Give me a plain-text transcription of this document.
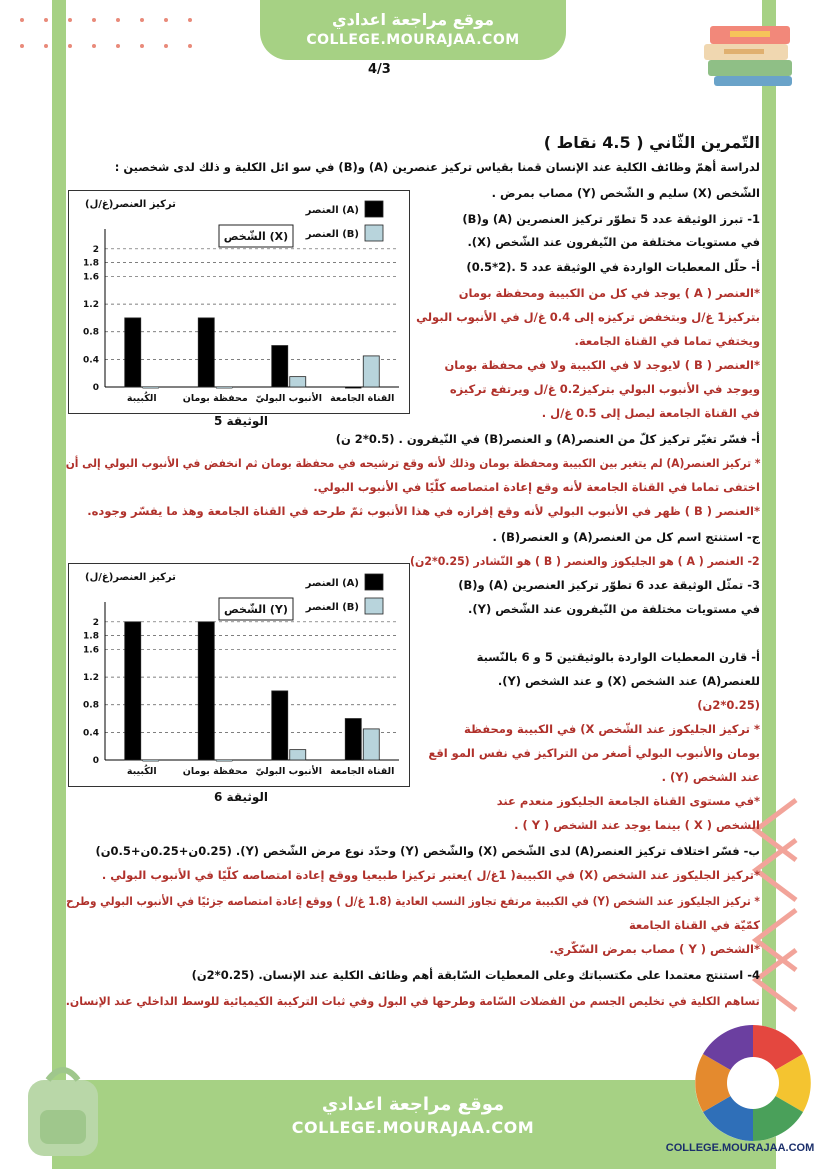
موقع مراجعة اعدادي
COLLEGE.MOURAJAA.COM
4/3
التّمرين الثّاني ( 4.5 نقاط )
لدراسة أهمّ وظائف الكلية عند الإنسان قمنا بقياس تركيز عنصرين (A) و(B) في سو ائل الكلية و ذلك لدى شخصين :
الشّخص (X) سليم و الشّخص (Y) مصاب بمرض .
1- تبرز الوثيقة عدد 5 تطوّر تركيز العنصرين (A) و(B)
في مستويات مختلفة من النّيفرون عند الشّخص (X).
أ- حلّل المعطيات الواردة في الوثيقة عدد 5 .(2*0.5)
*العنصر ( A ) يوجد في كل من الكبيبة ومحفظة بومان
بتركيز1 غ/ل وبتخفض تركيزه إلى 0.4 غ/ل في الأنبوب البولي
ويختفي تماما في القناة الجامعة.
*العنصر ( B ) لايوجد لا في الكبيبة ولا في محفظة بومان
ويوجد في الأنبوب البولي بتركيز0.2 غ/ل ويرتفع تركيزه
في القناة الجامعة ليصل إلى 0.5 غ/ل .
أ- فسّر تغيّر تركيز كلّ من العنصر(A) و العنصر(B) في النّيفرون . (0.5*2 ن)
* تركيز العنصر(A) لم يتغير بين الكبيبة ومحفظة بومان وذلك لأنه وقع ترشيحه في محفظة بومان ثم انخفض في الأنبوب البولي إلى أن
اختفى تماما في القناة الجامعة لأنه وقع إعادة امتصاصه كلّيًا في الأنبوب البولي.
*العنصر ( B ) ظهر في الأنبوب البولي لأنه وقع إفرازه في هذا الأنبوب ثمّ طرحه في القناة الجامعة وهذ ما يفسّر وجوده.
ج- استنتج اسم كل من العنصر(A) و العنصر(B) .
2- العنصر ( A ) هو الجليكوز والعنصر ( B ) هو النّشادر (0.25*2ن)
3- تمثّل الوثيقة عدد 6 تطوّر تركيز العنصرين (A) و(B)
في مستويات مختلفة من النّيفرون عند الشّخص (Y).
أ- قارن المعطيات الواردة بالوثيقتين 5 و 6 بالنّسبة
للعنصر(A) عند الشخص (X) و عند الشخص (Y).
(0.25*2ن)
* تركيز الجليكوز عند الشّخص X) في الكبيبة ومحفظة
بومان والأنبوب البولي أصغر من التراكيز في نفس المو اقع
عند الشخص (Y) .
*في مستوى القناة الجامعة الجليكوز منعدم عند
الشخص ( X ) بينما يوجد عند الشخص ( Y ) .
ب- فسّر اختلاف تركيز العنصر(A) لدى الشّخص (X) والشّخص (Y) وحدّد نوع مرض الشّخص (Y). (0.25ن+0.25ن+0.5ن)
*تركيز الجليكوز عند الشخص (X) في الكبيبة( 1غ/ل )يعتبر تركيزا طبيعيا ووقع إعادة امتصاصه كلّيًا في الأنبوب البولي .
* تركيز الجليكوز عند الشخص (Y) في الكبيبة مرتفع تجاوز النسب العادية (1.8 غ/ل ) ووقع إعادة امتصاصه جزئيًا في الأنبوب البولي وطرح
كمّيّة في القناة الجامعة
*الشخص ( Y ) مصاب بمرض السّكّري.
4- استنتج معتمدا على مكتسباتك وعلى المعطيات السّابقة أهم وظائف الكلية عند الإنسان. (0.25*2ن)
تساهم الكلية في تخليص الجسم من الفضلات السّامة وطرحها في البول وفي ثبات التركيبة الكيميائية للوسط الداخلي عند الإنسان.
تركيز العنصر(غ/ل)
0
0.4
0.8
1.2
1.6
1.8
2
الكُبيبة	محفظة بومان الأنبوب البوليّ القناة الجامعة
الشّخص (X)
العنصر (A)
العنصر (B)
الوثيقة 5
تركيز العنصر(غ/ل)
0
0.4
0.8
1.2
1.6
1.8
2
الكُبيبة	محفظة بومان الأنبوب البوليّ القناة الجامعة
الشّخص (Y)
العنصر (A)
العنصر (B)
الوثيقة 6
موقع مراجعة اعدادي
COLLEGE.MOURAJAA.COM
COLLEGE.MOURAJAA.COM
